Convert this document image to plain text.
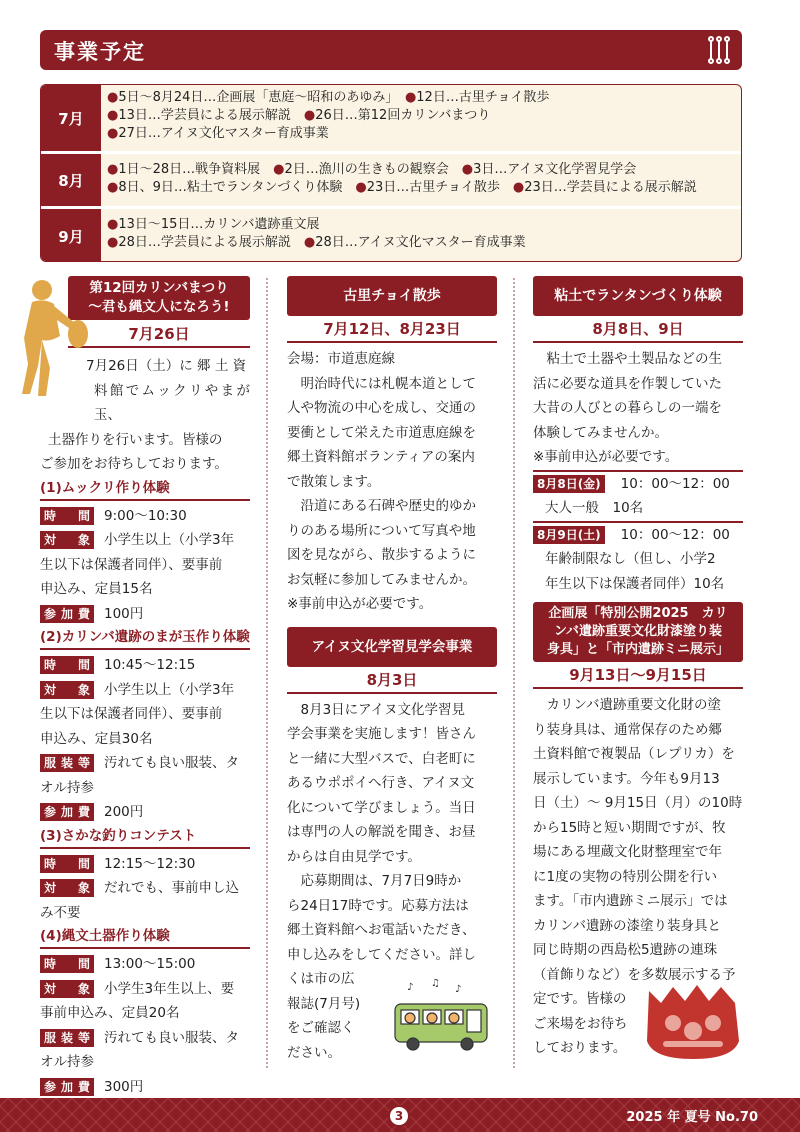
事業予定
7月
●5日〜8月24日…企画展「恵庭〜昭和のあゆみ」　●12日…古里チョイ散歩
●13日…学芸員による展示解説　●26日…第12回カリンバまつり
●27日…アイヌ文化マスター育成事業
8月
●1日〜28日…戦争資料展　●2日…漁川の生きもの観察会　●3日…アイヌ文化学習見学会
●8日、9日…粘土でランタンづくり体験　●23日…古里チョイ散歩　●23日…学芸員による展示解説
9月
●13日〜15日…カリンバ遺跡重文展
●28日…学芸員による展示解説　●28日…アイヌ文化マスター育成事業
第12回カリンバまつり
〜君も縄文人になろう!
7月26日
7月26日（土）に 郷 土 資
料館でムックリやまが玉、
土器作りを行います。皆様の
ご参加をお待ちしております。
(1)ムックリ作り体験
時　間 9:00〜10:30
対　象 小学生以上（小学3年
生以下は保護者同伴）、要事前
申込み、定員15名
参加費 100円
(2)カリンバ遺跡のまが玉作り体験
時　間 10:45〜12:15
対　象 小学生以上（小学3年
生以下は保護者同伴）、要事前
申込み、定員30名
服装等 汚れても良い服装、タ
オル持参
参加費 200円
(3)さかな釣りコンテスト
時　間 12:15〜12:30
対　象 だれでも、事前申し込
み不要
(4)縄文土器作り体験
時　間 13:00〜15:00
対　象 小学生3年生以上、要
事前申込み、定員20名
服装等 汚れても良い服装、タ
オル持参
参加費 300円
古里チョイ散歩
7月12日、8月23日
会場：市道恵庭線
　明治時代には札幌本道として
人や物流の中心を成し、交通の
要衝として栄えた市道恵庭線を
郷土資料館ボランティアの案内
で散策します。
　沿道にある石碑や歴史的ゆか
りのある場所について写真や地
図を見ながら、散歩するように
お気軽に参加してみませんか。
※事前申込が必要です。
アイヌ文化学習見学会事業
8月3日
　8月3日にアイヌ文化学習見
学会事業を実施します！皆さん
と一緒に大型バスで、白老町に
あるウポポイへ行き、アイヌ文
化について学びましょう。当日
は専門の人の解説を聞き、お昼
からは自由見学です。
　応募期間は、7月7日9時か
ら24日17時です。応募方法は
郷土資料館へお電話いただき、
申し込みをしてください。詳し
くは市の広
報誌(7月号)
をご確認く
ださい。
♪ ♫
♪
粘土でランタンづくり体験
8月8日、9日
　粘土で土器や土製品などの生
活に必要な道具を作製していた
大昔の人びとの暮らしの一端を
体験してみませんか。
※事前申込が必要です。
8月8日(金) 10：00〜12：00
大人一般　10名
8月9日(土) 10：00〜12：00
年齢制限なし（但し、小学2
年生以下は保護者同伴）10名
企画展「特別公開2025　カリ
ンバ遺跡重要文化財漆塗り装
身具」と「市内遺跡ミニ展示」
9月13日〜9月15日
　カリンバ遺跡重要文化財の塗
り装身具は、通常保存のため郷
土資料館で複製品（レプリカ）を
展示しています。今年も9月13
日（土）〜 9月15日（月）の10時
から15時と短い期間ですが、牧
場にある埋蔵文化財整理室で年
に1度の実物の特別公開を行い
ます。「市内遺跡ミニ展示」では
カリンバ遺跡の漆塗り装身具と
同じ時期の西島松5遺跡の連珠
（首飾りなど）を多数展示する予
定です。皆様の
ご来場をお待ち
しております。
3	2025 年 夏号 No.70
